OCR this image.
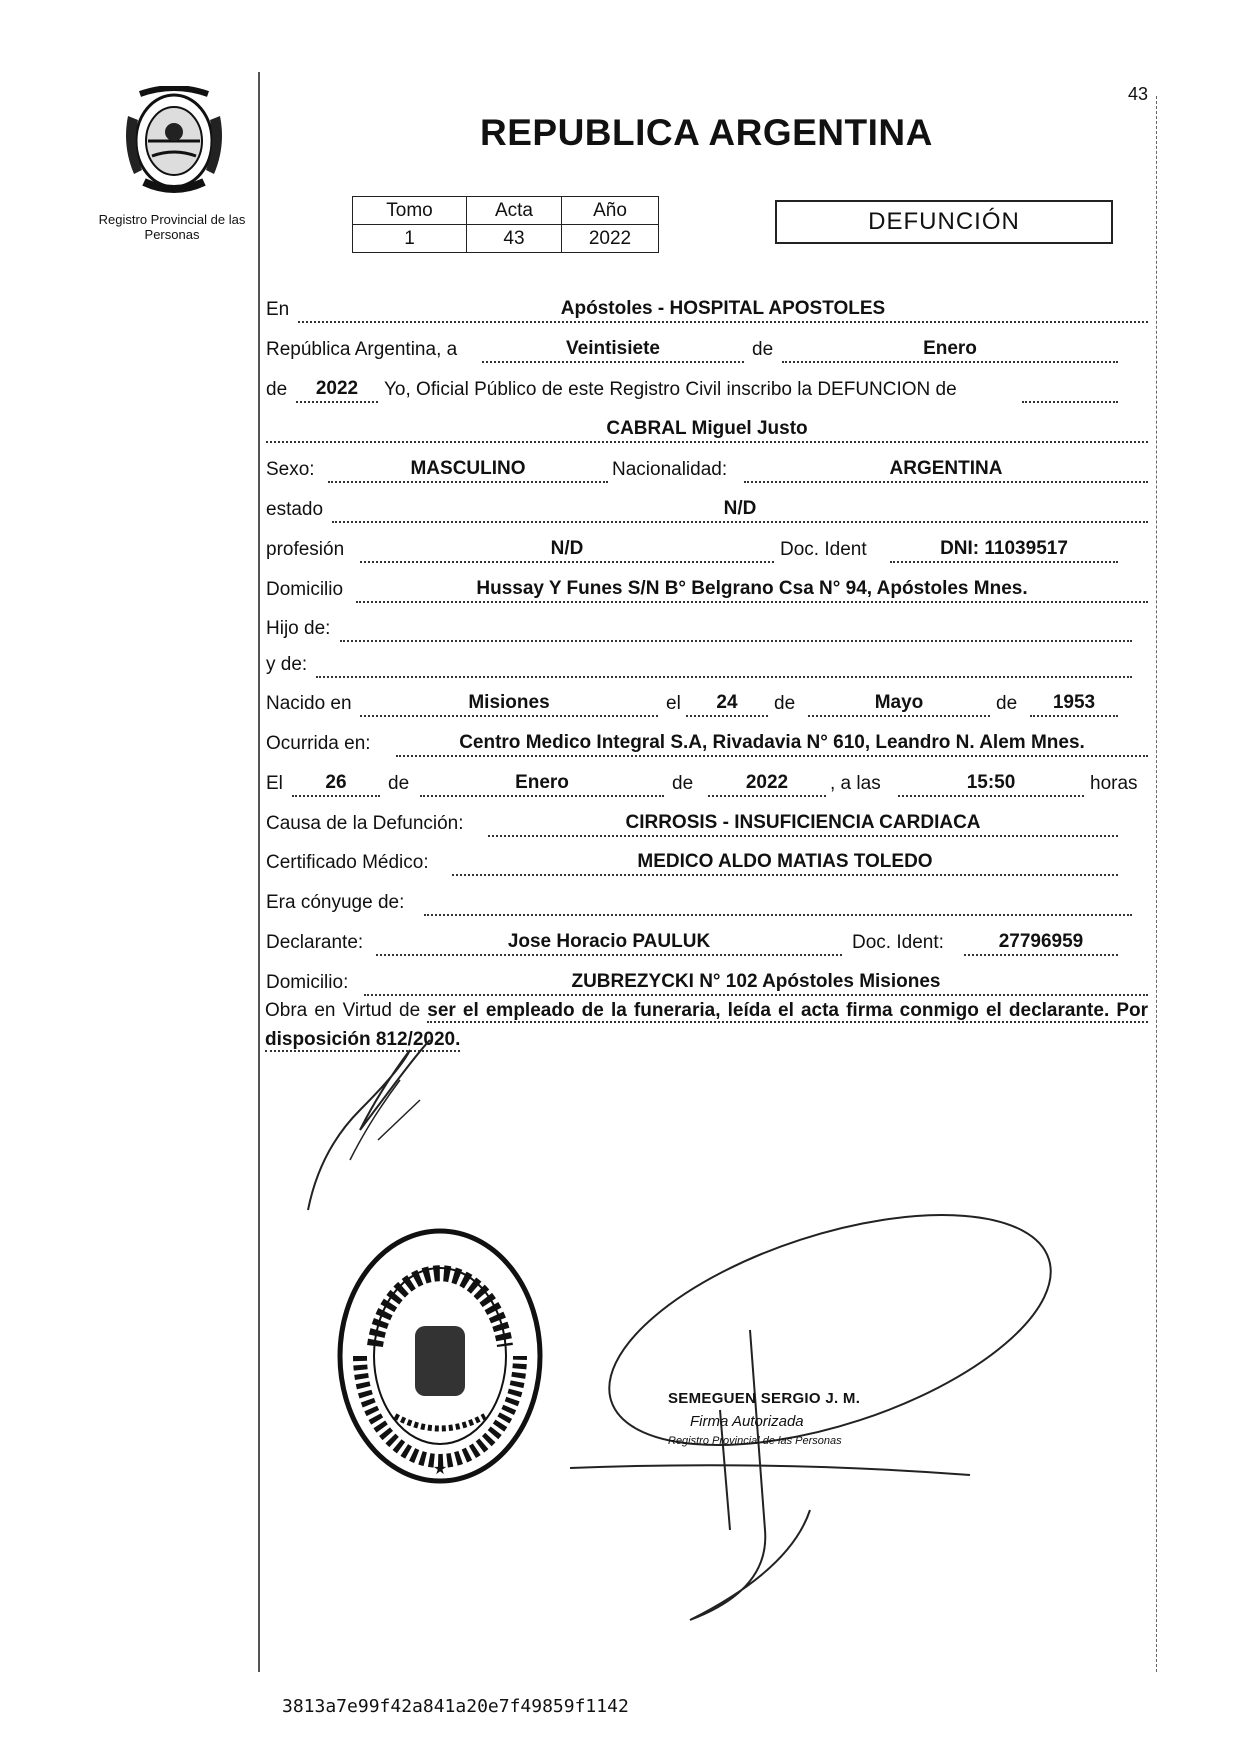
43
Registro Provincial de las Personas
REPUBLICA ARGENTINA
Tomo	Acta	Año
1	43	2022
DEFUNCIÓN
En	Apóstoles - HOSPITAL APOSTOLES
República Argentina, a	Veintisiete	de	Enero
de	2022	Yo, Oficial Público de este Registro Civil inscribo la DEFUNCION de
CABRAL Miguel Justo
Sexo:	MASCULINO	Nacionalidad:	ARGENTINA
estado	N/D
profesión	N/D	Doc. Ident	DNI: 11039517
Domicilio	Hussay Y Funes S/N B° Belgrano Csa N° 94, Apóstoles Mnes.
Hijo de:
y de:
Nacido en	Misiones	el	24	de	Mayo	de	1953
Ocurrida en:	Centro Medico Integral S.A, Rivadavia N° 610, Leandro N. Alem Mnes.
El	26	de	Enero	de	2022	, a las	15:50	horas
Causa de la Defunción:	CIRROSIS - INSUFICIENCIA CARDIACA
Certificado Médico:	MEDICO ALDO MATIAS TOLEDO
Era cónyuge de:
Declarante:	Jose Horacio PAULUK	Doc. Ident:	27796959
Domicilio:	ZUBREZYCKI N° 102 Apóstoles Misiones
Obra en Virtud de ser el empleado de la funeraria, leída el acta firma conmigo el declarante. Por disposición 812/2020.
★
SEMEGUEN SERGIO J. M.
Firma Autorizada
Registro Provincial de las Personas
3813a7e99f42a841a20e7f49859f1142
